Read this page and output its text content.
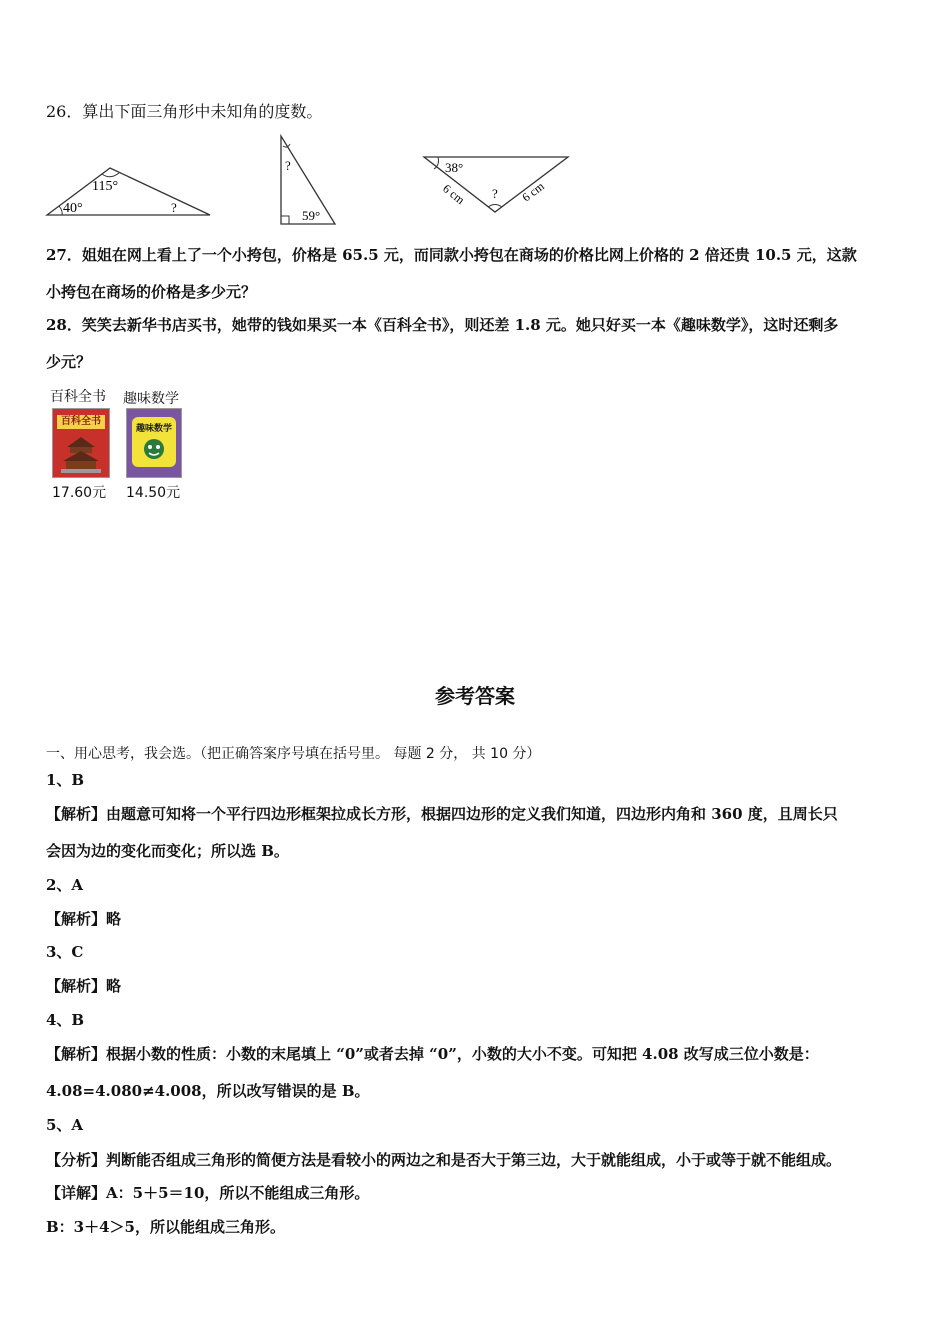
26．算出下面三角形中未知角的度数。
115°
40°	?
?
59°
38°
?
6 cm	6 cm
27．姐姐在网上看上了一个小挎包，价格是 65.5 元，而同款小挎包在商场的价格比网上价格的 2 倍还贵 10.5 元，这款
小挎包在商场的价格是多少元？
28．笑笑去新华书店买书，她带的钱如果买一本《百科全书》，则还差 1.8 元。她只好买一本《趣味数学》，这时还剩多
少元？
百科全书
百科全书
17.60元
趣味数学
趣味数学
14.50元
参考答案
一、用心思考，我会选。（把正确答案序号填在括号里。 每题 2 分， 共 10 分）
1、B
【解析】由题意可知将一个平行四边形框架拉成长方形，根据四边形的定义我们知道，四边形内角和 360 度，且周长只
会因为边的变化而变化；所以选 B。
2、A
【解析】略
3、C
【解析】略
4、B
【解析】根据小数的性质：小数的末尾填上 “0”或者去掉 “0”，小数的大小不变。可知把 4.08 改写成三位小数是：
4.08=4.080≠4.008，所以改写错误的是 B。
5、A
【分析】判断能否组成三角形的简便方法是看较小的两边之和是否大于第三边，大于就能组成，小于或等于就不能组成。
【详解】A：5＋5＝10，所以不能组成三角形。
B：3＋4＞5，所以能组成三角形。
